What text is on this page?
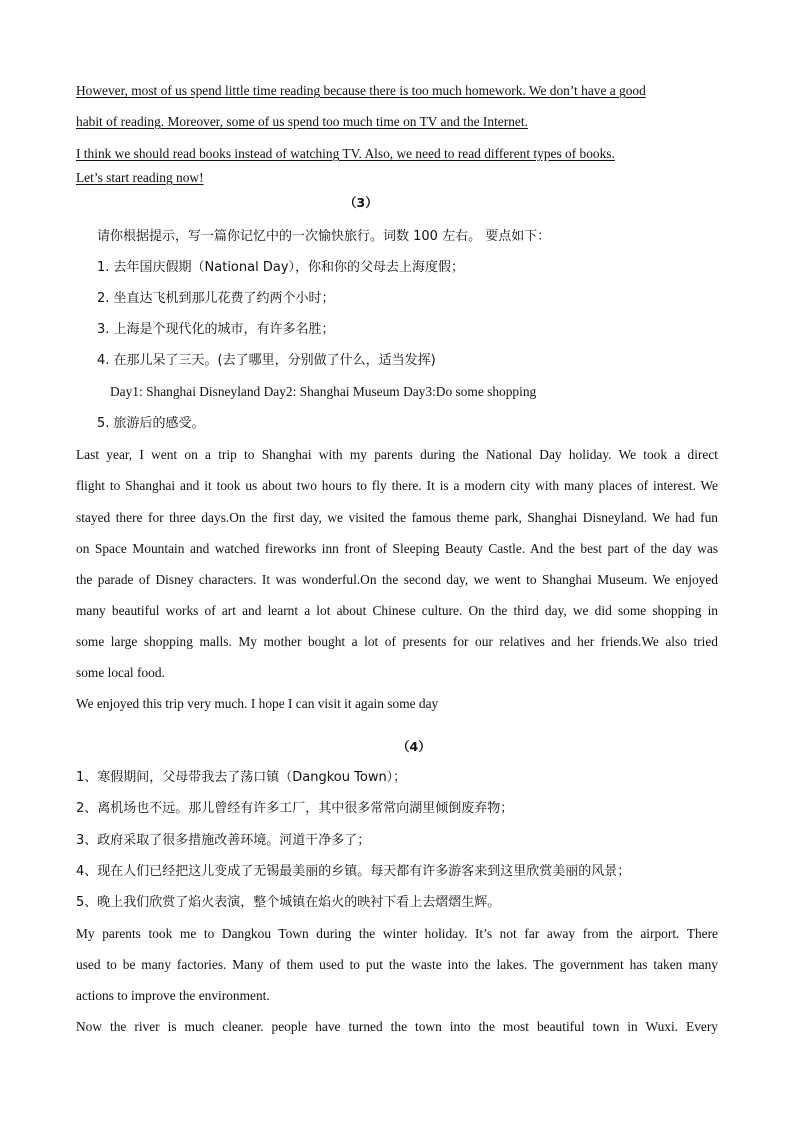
However, most of us spend little time reading because there is too much homework. We don’t have a good
habit of reading. Moreover, some of us spend too much time on TV and the Internet.
I think we should read books instead of watching TV. Also, we need to read different types of books.
Let’s start reading now!
（3）
请你根据提示，写一篇你记忆中的一次愉快旅行。词数 100 左右。 要点如下：
1. 去年国庆假期（National Day），你和你的父母去上海度假；
2. 坐直达飞机到那儿花费了约两个小时；
3. 上海是个现代化的城市，有许多名胜；
4. 在那儿呆了三天。(去了哪里，分别做了什么，适当发挥)
Day1: Shanghai Disneyland Day2: Shanghai Museum Day3:Do some shopping
5. 旅游后的感受。
Last year, I went on a trip to Shanghai with my parents during the National Day holiday. We took a direct
flight to Shanghai and it took us about two hours to fly there. It is a modern city with many places of interest. We
stayed there for three days.On the first day, we visited the famous theme park, Shanghai Disneyland. We had fun
on Space Mountain and watched fireworks inn front of Sleeping Beauty Castle. And the best part of the day was
the parade of Disney characters. It was wonderful.On the second day, we went to Shanghai Museum. We enjoyed
many beautiful works of art and learnt a lot about Chinese culture. On the third day, we did some shopping in
some large shopping malls. My mother bought a lot of presents for our relatives and her friends.We also tried
some local food.
We enjoyed this trip very much. I hope I can visit it again some day
（4）
1、寒假期间，父母带我去了荡口镇（Dangkou Town）；
2、离机场也不远。那儿曾经有许多工厂，其中很多常常向湖里倾倒废弃物；
3、政府采取了很多措施改善环境。河道干净多了；
4、现在人们已经把这儿变成了无锡最美丽的乡镇。每天都有许多游客来到这里欣赏美丽的风景；
5、晚上我们欣赏了焰火表演，整个城镇在焰火的映衬下看上去熠熠生辉。
My parents took me to Dangkou Town during the winter holiday. It’s not far away from the airport. There
used to be many factories. Many of them used to put the waste into the lakes. The government has taken many
actions to improve the environment.
Now the river is much cleaner. people have turned the town into the most beautiful town in Wuxi. Every
